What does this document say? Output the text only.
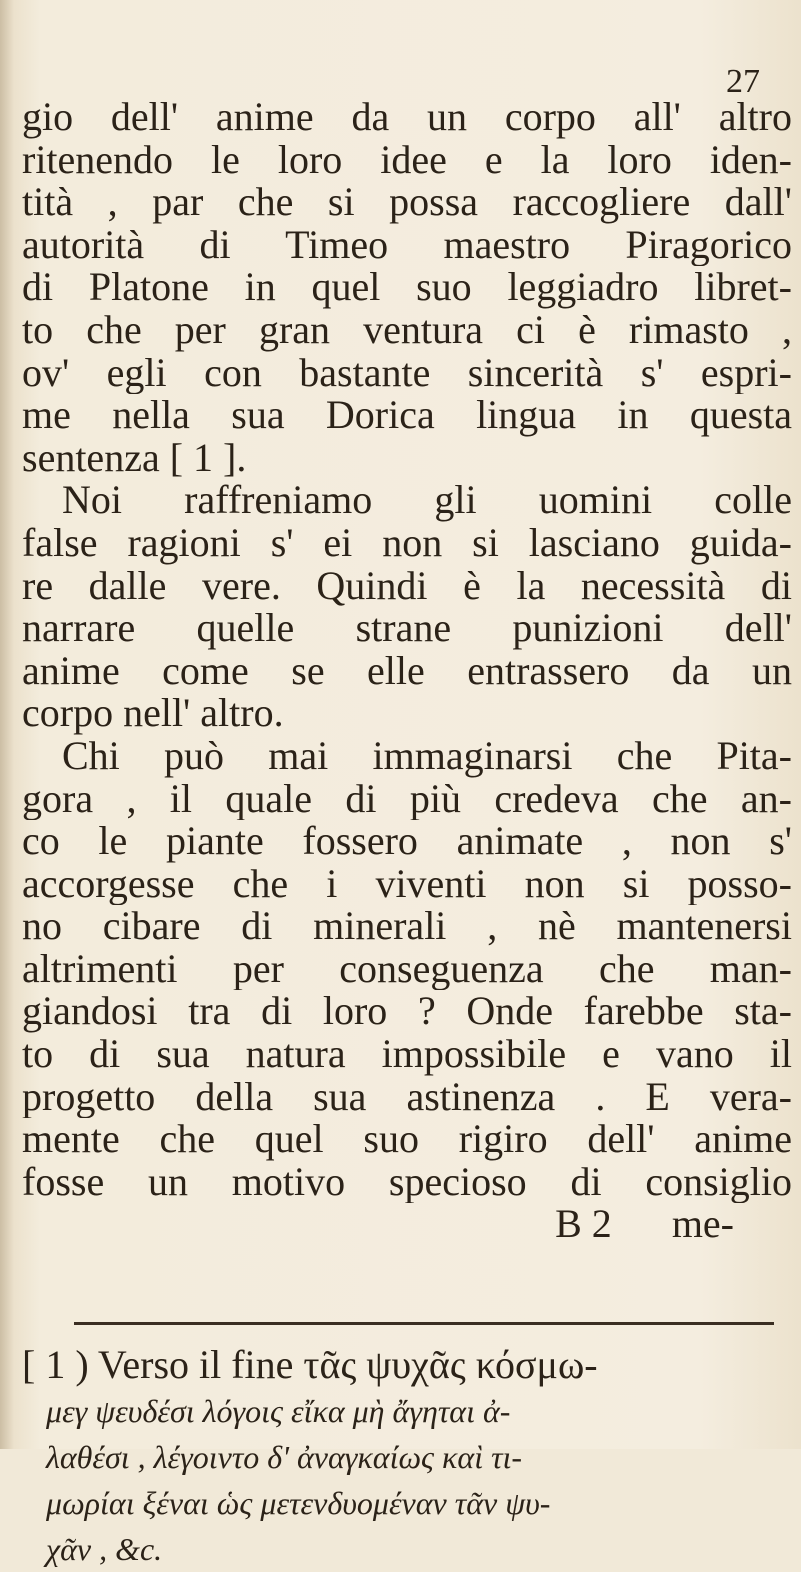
27
gio dell' anime da un corpo all' altro
ritenendo le loro idee e la loro iden-
tità , par che si possa raccogliere dall'
autorità di Timeo maestro Piragorico
di Platone in quel suo leggiadro libret-
to che per gran ventura ci è rimasto ,
ov' egli con bastante sincerità s' espri-
me nella sua Dorica lingua in questa
sentenza [ 1 ].
Noi raffreniamo gli uomini colle
false ragioni s' ei non si lasciano guida-
re dalle vere. Quindi è la necessità di
narrare quelle strane punizioni dell'
anime come se elle entrassero da un
corpo nell' altro.
Chi può mai immaginarsi che Pita-
gora , il quale di più credeva che an-
co le piante fossero animate , non s'
accorgesse che i viventi non si posso-
no cibare di minerali , nè mantenersi
altrimenti per conseguenza che man-
giandosi tra di loro ? Onde farebbe sta-
to di sua natura impossibile e vano il
progetto della sua astinenza . E vera-
mente che quel suo rigiro dell' anime
fosse un motivo specioso di consiglio
B 2 me-
[ 1 ) Verso il fine τᾶς ψυχᾶς κόσμω-
μεγ ψευδέσι λόγοις εἴκα μὴ ἄγηται ἀ-
λαθέσι , λέγοιντο δ' ἀναγκαίως καὶ τι-
μωρίαι ξέναι ὡς μετενδυομέναν τᾶν ψυ-
χᾶν , &c.
